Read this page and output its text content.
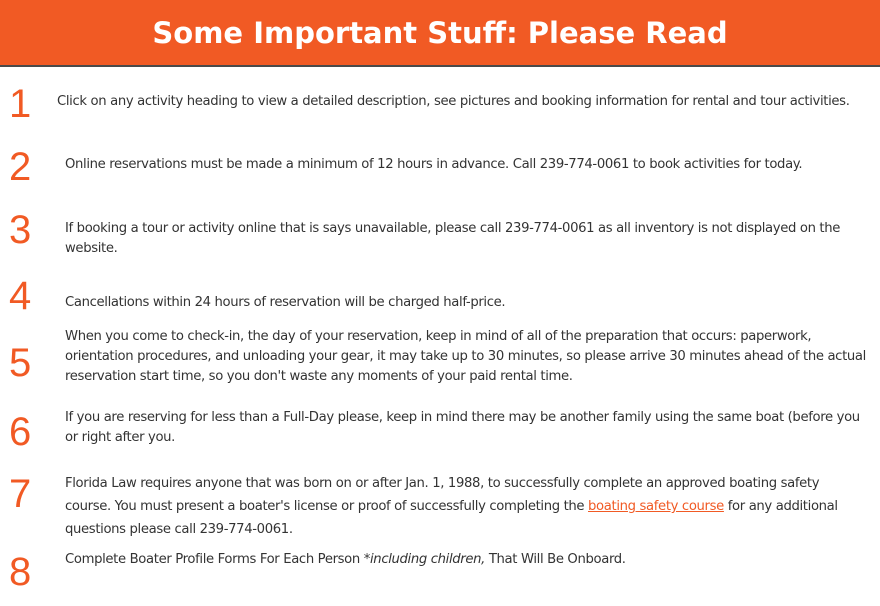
Some Important Stuff: Please Read
1 Click on any activity heading to view a detailed description, see pictures and booking information for rental and tour activities.
2	Online reservations must be made a minimum of 12 hours in advance. Call 239-774-0061 to book activities for today.
3	If booking a tour or activity online that is says unavailable, please call 239-774-0061 as all inventory is not displayed on the website.
4	Cancellations within 24 hours of reservation will be charged half-price.
5
When you come to check-in, the day of your reservation, keep in mind of all of the preparation that occurs: paperwork, orientation procedures, and unloading your gear, it may take up to 30 minutes, so please arrive 30 minutes ahead of the actual reservation start time, so you don't waste any moments of your paid rental time.
6	If you are reserving for less than a Full-Day please, keep in mind there may be another family using the same boat (before you or right after you.
7	Florida Law requires anyone that was born on or after Jan. 1, 1988, to successfully complete an approved boating safety course. You must present a boater's license or proof of successfully completing the boating safety course for any additional questions please call 239-774-0061.
8	Complete Boater Profile Forms For Each Person *including children, That Will Be Onboard.
